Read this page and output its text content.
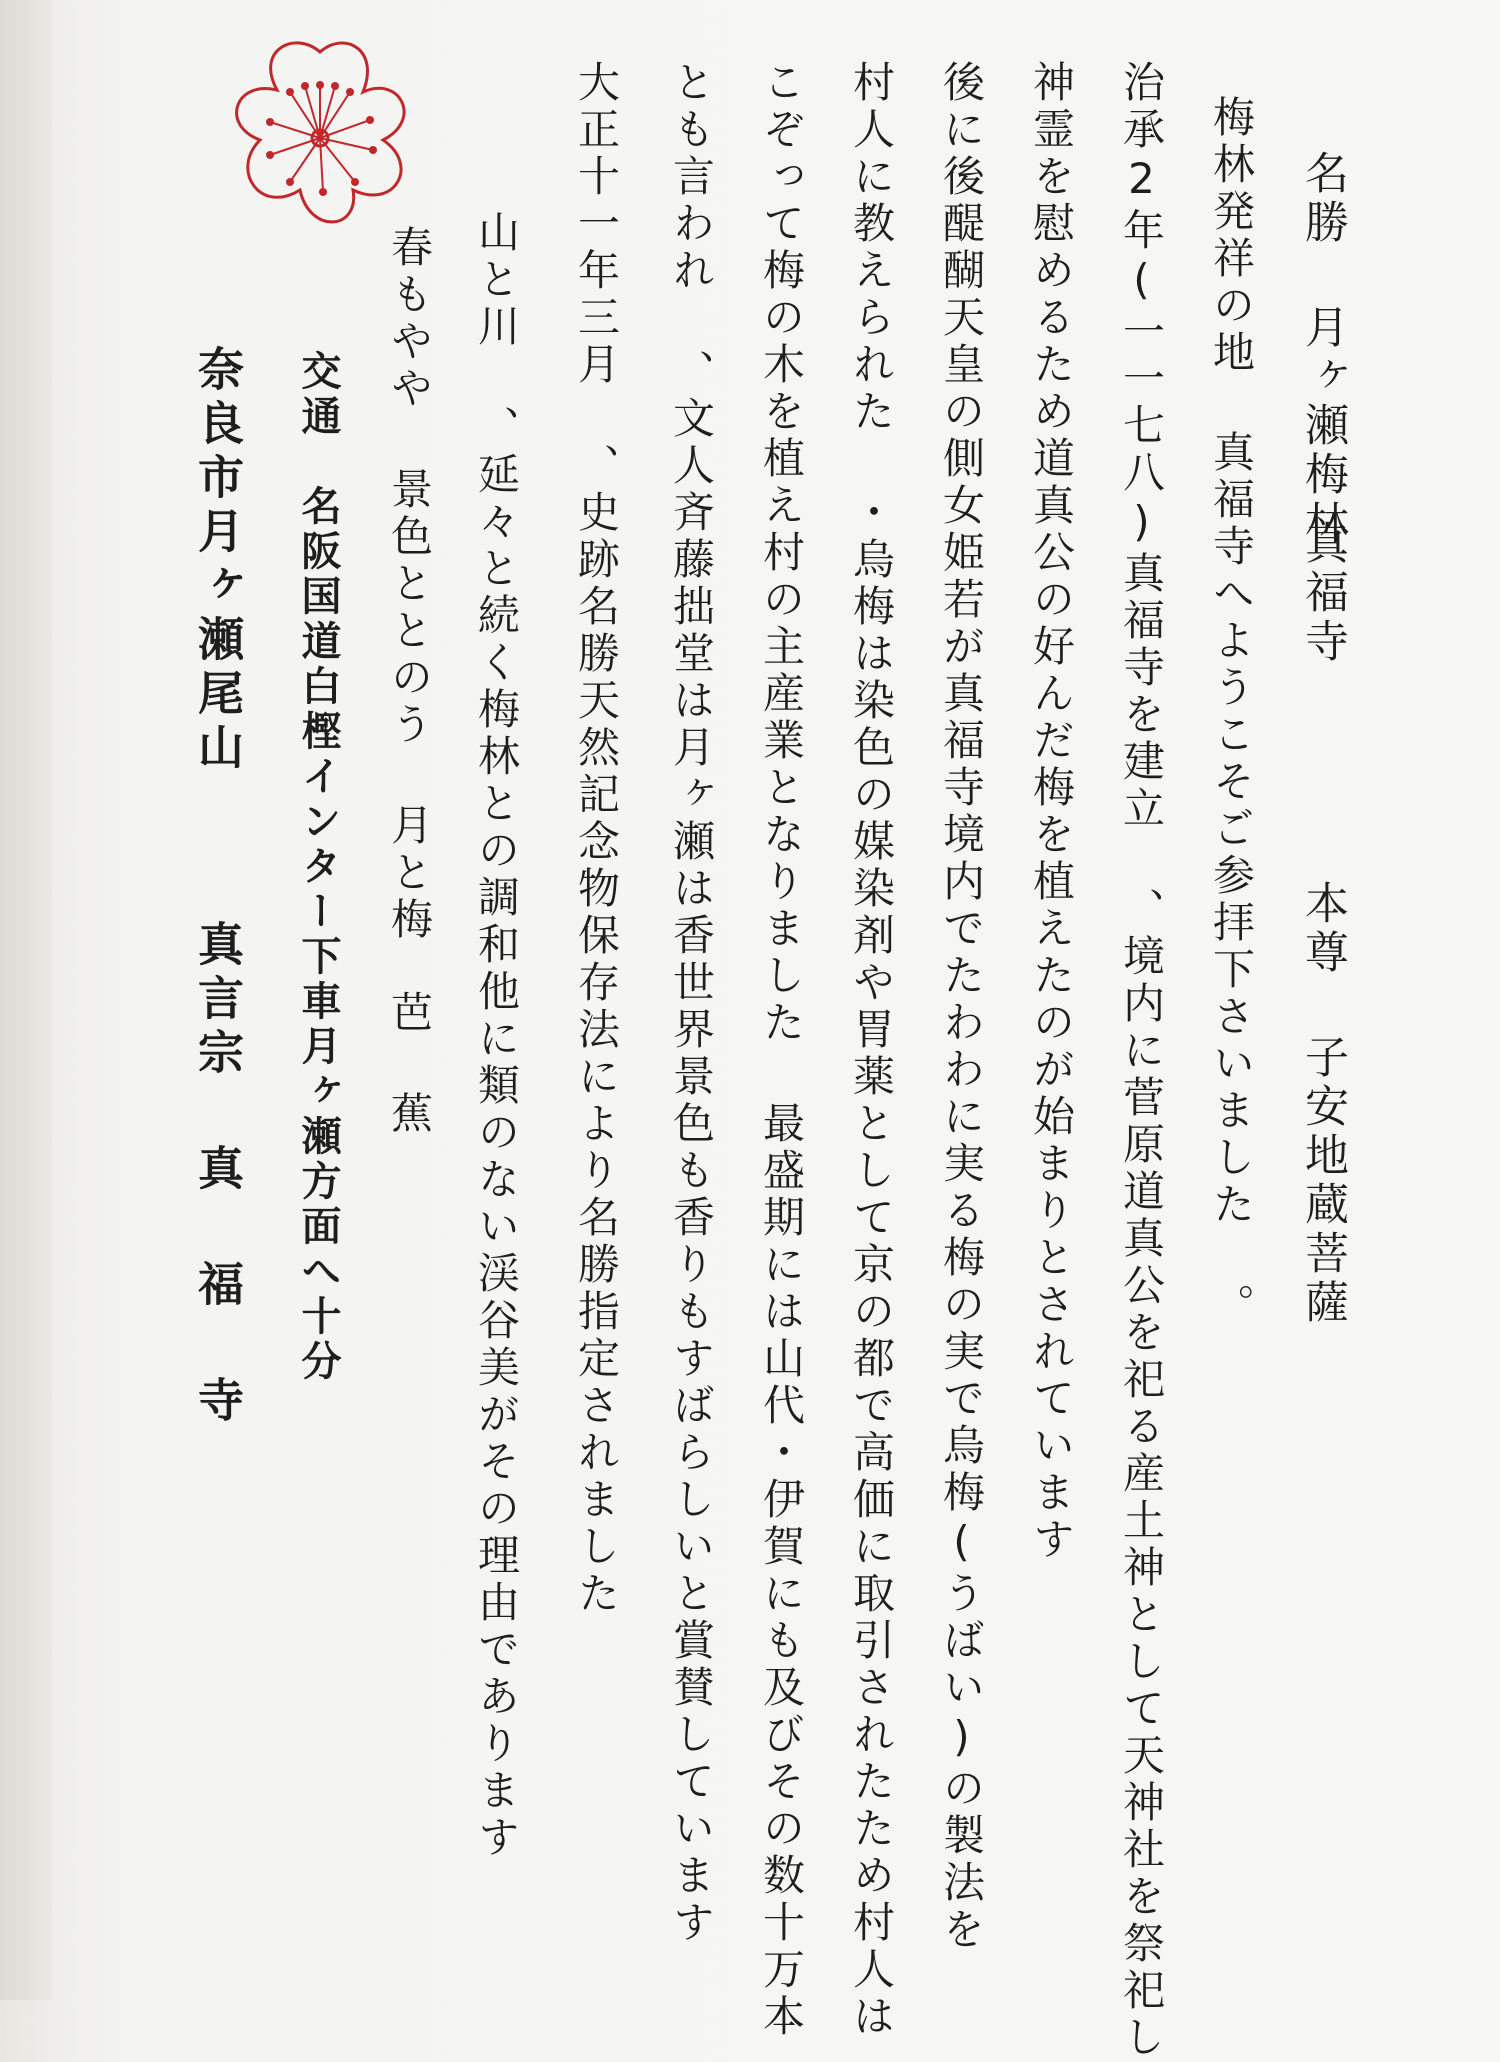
名勝 月ヶ瀬梅林
真福寺
本尊 子安地蔵菩薩
梅林発祥の地
真福寺へようこそご参拝下さいました 。
治承2年(一一七八)真福寺を建立 、境内に菅原道真公を祀る産土神として天神社を祭祀し
神霊を慰めるため道真公の好んだ梅を植えたのが始まりとされています
後に後醍醐天皇の側女姫若が真福寺境内でたわわに実る梅の実で烏梅(うばい)の製法を
村人に教えられた ・烏梅は染色の媒染剤や胃薬として京の都で高価に取引されたため村人は
こぞって梅の木を植え村の主産業となりました 最盛期には山代・伊賀にも及びその数十万本
とも言われ 、文人斉藤拙堂は月ヶ瀬は香世界景色も香りもすばらしいと賞賛しています
大正十一年三月 、史跡名勝天然記念物保存法により名勝指定されました
山と川 、延々と続く梅林との調和他に類のない渓谷美がその理由であります
春もやや 景色ととのう 月と梅
芭 蕉
交通
名阪国道白樫インター下車月ヶ瀬方面へ十分
奈良市月ヶ瀬尾山
真言宗 真 福 寺
